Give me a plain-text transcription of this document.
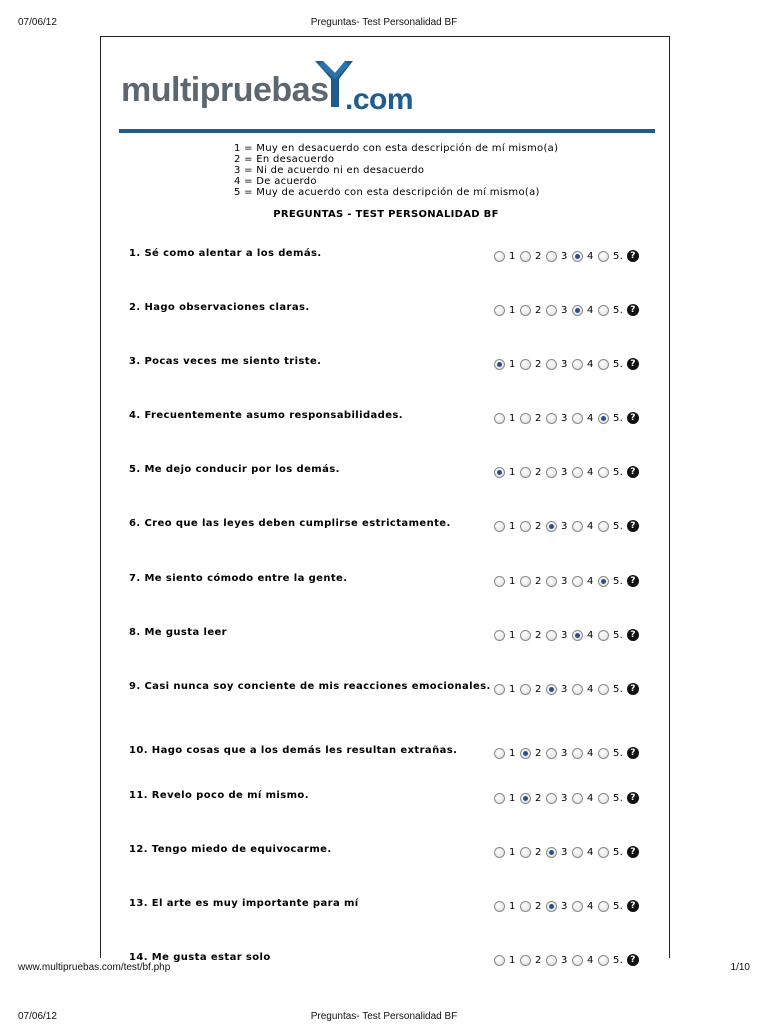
07/06/12	Preguntas- Test Personalidad BF
multipruebas .com
1 = Muy en desacuerdo con esta descripción de mí mismo(a)
2 = En desacuerdo
3 = Ni de acuerdo ni en desacuerdo
4 = De acuerdo
5 = Muy de acuerdo con esta descripción de mí mismo(a)
PREGUNTAS - TEST PERSONALIDAD BF
1. Sé como alentar a los demás.	1 2 3 4 5. ?
2. Hago observaciones claras.	1 2 3 4 5. ?
3. Pocas veces me siento triste.	1 2 3 4 5. ?
4. Frecuentemente asumo responsabilidades.	1 2 3 4 5. ?
5. Me dejo conducir por los demás.	1 2 3 4 5. ?
6. Creo que las leyes deben cumplirse estrictamente.	1 2 3 4 5. ?
7. Me siento cómodo entre la gente.	1 2 3 4 5. ?
8. Me gusta leer	1 2 3 4 5. ?
9. Casi nunca soy conciente de mis reacciones emocionales. 1 2 3 4 5. ?
10. Hago cosas que a los demás les resultan extrañas.	1 2 3 4 5. ?
11. Revelo poco de mí mismo.	1 2 3 4 5. ?
12. Tengo miedo de equivocarme.	1 2 3 4 5. ?
13. El arte es muy importante para mí	1 2 3 4 5. ?
14. Me gusta estar solo	1 2 3 4 5. ?
www.multipruebas.com/test/bf.php	1/10
07/06/12	Preguntas- Test Personalidad BF
